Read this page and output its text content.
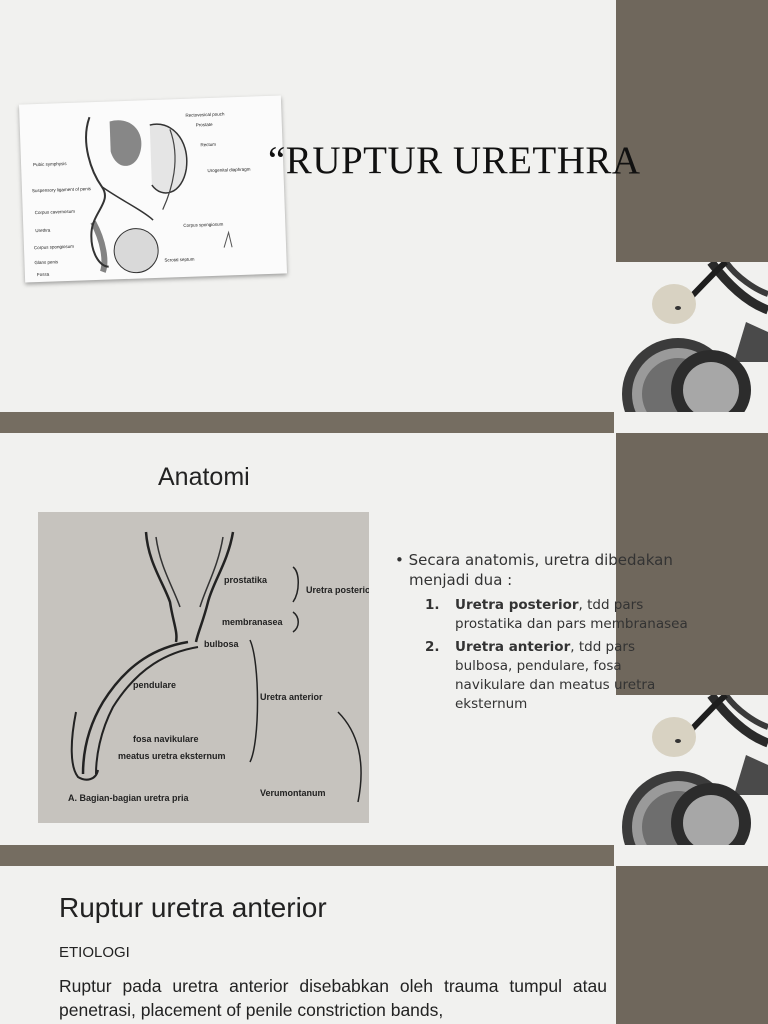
Rectovesical pouch
Prostate
Rectum
Urogenital diaphragm
Pubic symphysis
Suspensory ligament of penis
Corpus cavernosum
Urethra
Corpus spongiosum
Glans penis
Fossa
Corpus spongiosum
Scrotal septum
“RUPTUR URETHRA
Anatomi
prostatika
membranasea
Uretra posterior
bulbosa
pendulare
Uretra anterior
fosa navikulare
meatus uretra eksternum
A. Bagian-bagian uretra pria	Verumontanum
• Secara anatomis, uretra dibedakan menjadi dua :
1. Uretra posterior, tdd pars prostatika dan pars membranasea
2. Uretra anterior, tdd pars bulbosa, pendulare, fosa navikulare dan meatus uretra eksternum
Ruptur uretra anterior
ETIOLOGI
Ruptur pada uretra anterior disebabkan oleh trauma tumpul atau penetrasi, placement of penile constriction bands,
